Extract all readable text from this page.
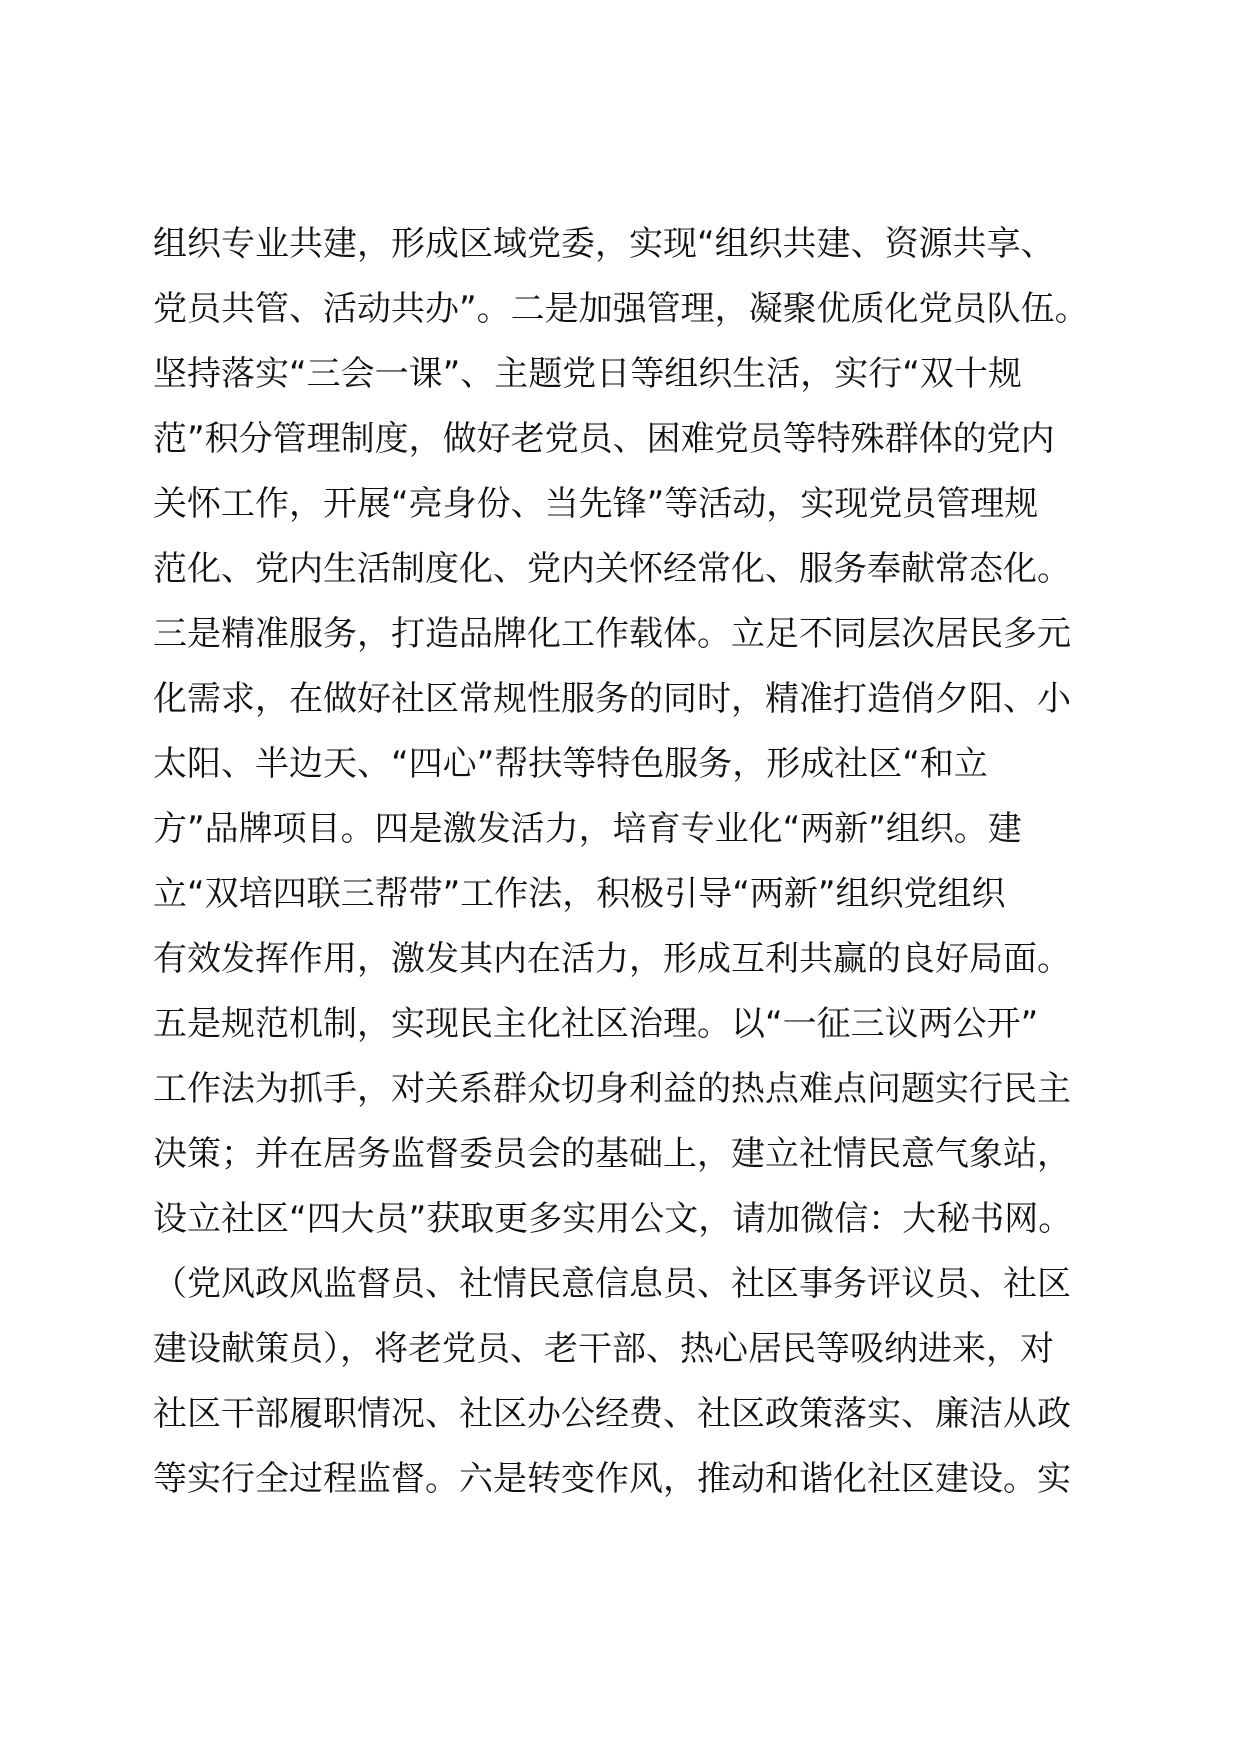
组织专业共建，形成区域党委，实现“组织共建、资源共享、
党员共管、活动共办”。二是加强管理，凝聚优质化党员队伍。
坚持落实“三会一课”、主题党日等组织生活，实行“双十规
范”积分管理制度，做好老党员、困难党员等特殊群体的党内
关怀工作，开展“亮身份、当先锋”等活动，实现党员管理规
范化、党内生活制度化、党内关怀经常化、服务奉献常态化。
三是精准服务，打造品牌化工作载体。立足不同层次居民多元
化需求，在做好社区常规性服务的同时，精准打造俏夕阳、小
太阳、半边天、“四心”帮扶等特色服务，形成社区“和立
方”品牌项目。四是激发活力，培育专业化“两新”组织。建
立“双培四联三帮带”工作法，积极引导“两新”组织党组织
有效发挥作用，激发其内在活力，形成互利共赢的良好局面。
五是规范机制，实现民主化社区治理。以“一征三议两公开”
工作法为抓手，对关系群众切身利益的热点难点问题实行民主
决策；并在居务监督委员会的基础上，建立社情民意气象站，
设立社区“四大员”获取更多实用公文，请加微信：大秘书网。
（党风政风监督员、社情民意信息员、社区事务评议员、社区
建设献策员），将老党员、老干部、热心居民等吸纳进来，对
社区干部履职情况、社区办公经费、社区政策落实、廉洁从政
等实行全过程监督。六是转变作风，推动和谐化社区建设。实
